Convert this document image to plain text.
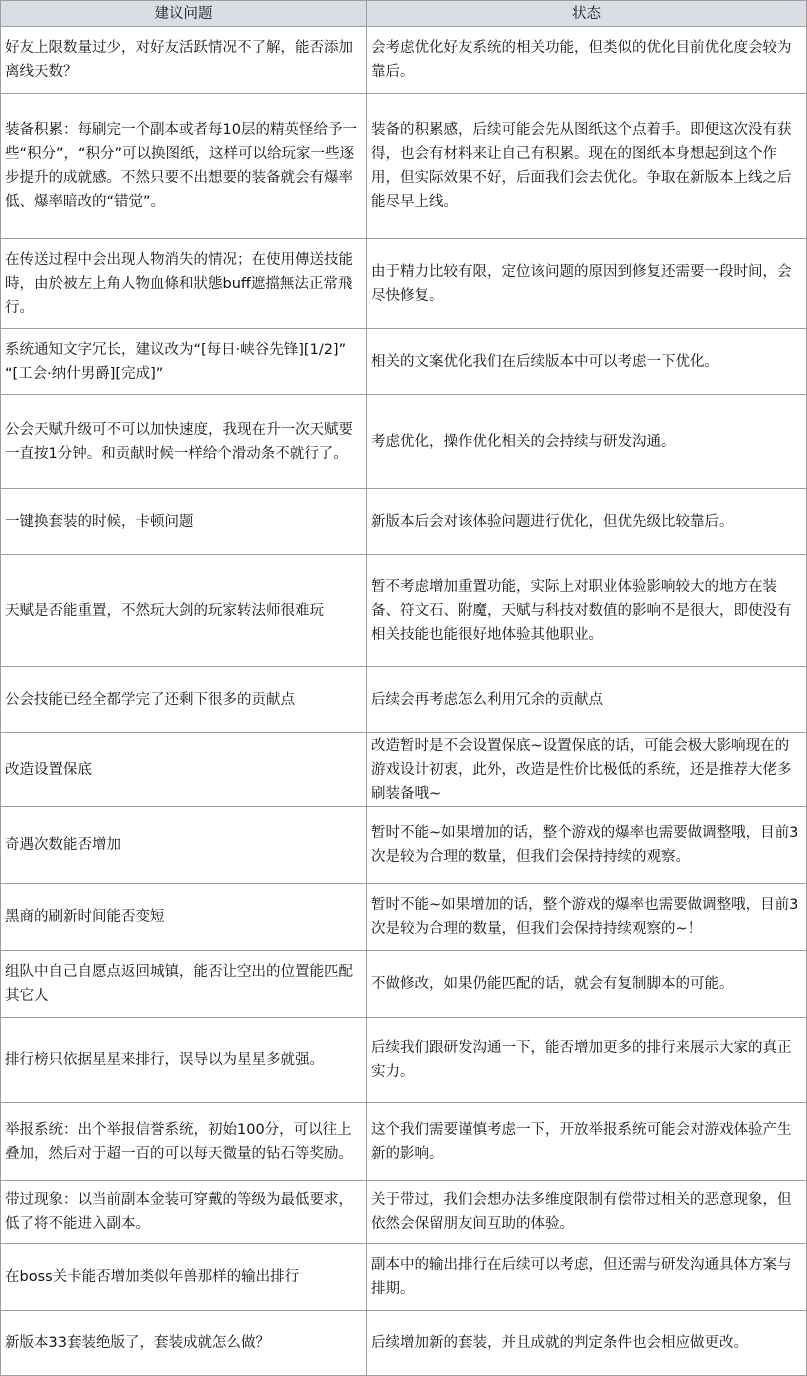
建议问题	状态
好友上限数量过少，对好友活跃情况不了解，能否添加离线天数？	会考虑优化好友系统的相关功能，但类似的优化目前优化度会较为靠后。
装备积累：每刷完一个副本或者每10层的精英怪给予一些“积分”，“积分”可以换图纸，这样可以给玩家一些逐步提升的成就感。不然只要不出想要的装备就会有爆率低、爆率暗改的“错觉”。	装备的积累感，后续可能会先从图纸这个点着手。即便这次没有获得，也会有材料来让自己有积累。现在的图纸本身想起到这个作用，但实际效果不好，后面我们会去优化。争取在新版本上线之后能尽早上线。
在传送过程中会出现人物消失的情况；在使用傳送技能時，由於被左上角人物血條和狀態buff遮擋無法正常飛行。	由于精力比较有限，定位该问题的原因到修复还需要一段时间，会尽快修复。
系统通知文字冗长，建议改为“[每日·峡谷先锋][1/2]” “[工会·纳什男爵][完成]”	相关的文案优化我们在后续版本中可以考虑一下优化。
公会天赋升级可不可以加快速度，我现在升一次天赋要一直按1分钟。和贡献时候一样给个滑动条不就行了。	考虑优化，操作优化相关的会持续与研发沟通。
一键换套装的时候，卡顿问题	新版本后会对该体验问题进行优化，但优先级比较靠后。
天赋是否能重置，不然玩大剑的玩家转法师很难玩	暂不考虑增加重置功能，实际上对职业体验影响较大的地方在装备、符文石、附魔，天赋与科技对数值的影响不是很大，即使没有相关技能也能很好地体验其他职业。
公会技能已经全都学完了还剩下很多的贡献点	后续会再考虑怎么利用冗余的贡献点
改造设置保底	改造暂时是不会设置保底~设置保底的话，可能会极大影响现在的游戏设计初衷，此外，改造是性价比极低的系统，还是推荐大佬多刷装备哦~
奇遇次数能否增加	暂时不能~如果增加的话，整个游戏的爆率也需要做调整哦，目前3次是较为合理的数量，但我们会保持持续的观察。
黑商的刷新时间能否变短	暂时不能~如果增加的话，整个游戏的爆率也需要做调整哦，目前3次是较为合理的数量，但我们会保持持续观察的~！
组队中自己自愿点返回城镇，能否让空出的位置能匹配其它人	不做修改，如果仍能匹配的话，就会有复制脚本的可能。
排行榜只依据星星来排行，误导以为星星多就强。	后续我们跟研发沟通一下，能否增加更多的排行来展示大家的真正实力。
举报系统：出个举报信誉系统，初始100分，可以往上叠加，然后对于超一百的可以每天微量的钻石等奖励。	这个我们需要谨慎考虑一下，开放举报系统可能会对游戏体验产生新的影响。
带过现象：以当前副本金装可穿戴的等级为最低要求，低了将不能进入副本。	关于带过，我们会想办法多维度限制有偿带过相关的恶意现象，但依然会保留朋友间互助的体验。
在boss关卡能否增加类似年兽那样的输出排行	副本中的输出排行在后续可以考虑，但还需与研发沟通具体方案与排期。
新版本33套装绝版了，套装成就怎么做？	后续增加新的套装，并且成就的判定条件也会相应做更改。
